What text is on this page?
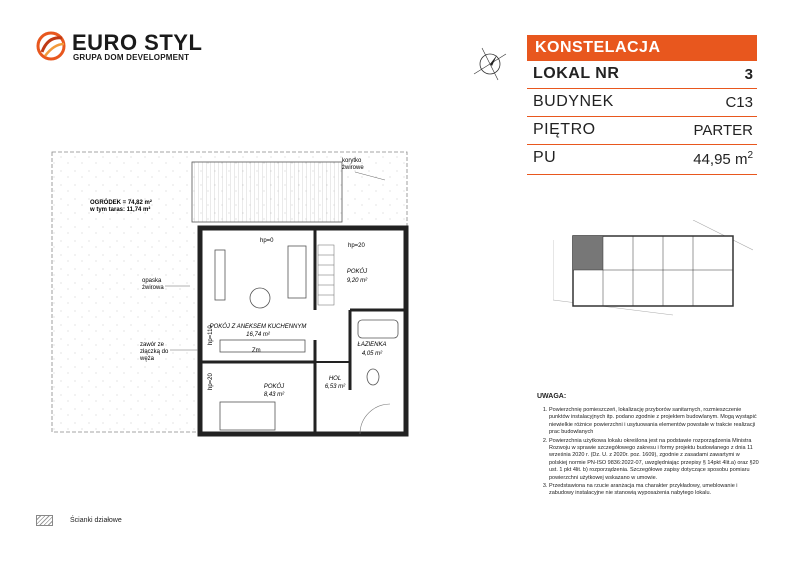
EURO STYL
GRUPA DOM DEVELOPMENT
KONSTELACJA
LOKAL NR	3
BUDYNEK	C13
PIĘTRO	PARTER
PU	44,95 $m^2$
POKÓJ
9,20 m²
POKÓJ Z ANEKSEM KUCHENNYM
16,74 m²
ŁAZIENKA
4,05 m²
HOL
6,53 m²
POKÓJ
8,43 m²
Zm
hp=0
hp=20
hp=110
hp=20
OGRÓDEK = 74,82 m²
w tym taras: 11,74 m²
korytko
żwirowe
opaska
żwirowa
zawór ze
złączką do
węża
UWAGA:
1. Powierzchnię pomieszczeń, lokalizację przyborów sanitarnych, rozmieszczenie punktów instalacyjnych itp. podano zgodnie z projektem budowlanym. Mogą wystąpić niewielkie różnice powierzchni i usytuowania elementów powstałe w trakcie realizacji prac budowlanych
2. Powierzchnia użytkowa lokalu określona jest na podstawie rozporządzenia Ministra Rozwoju w sprawie szczegółowego zakresu i formy projektu budowlanego z dnia 11 września 2020 r. (Dz. U. z 2020r. poz. 1609), zgodnie z zasadami zawartymi w polskiej normie PN-ISO 9836:2022-07, uwzględniając przepisy § 14pkt 4lit.a) oraz §20 ust. 1 pkt 4lit. b) rozporządzenia. Szczegółowe zapisy dotyczące sposobu pomiaru powierzchni użytkowej wskazano w umowie.
3. Przedstawiona na rzucie aranżacja ma charakter przykładowy, umeblowanie i zabudowy instalacyjne nie stanowią wyposażenia nabytego lokalu.
Ścianki działowe
